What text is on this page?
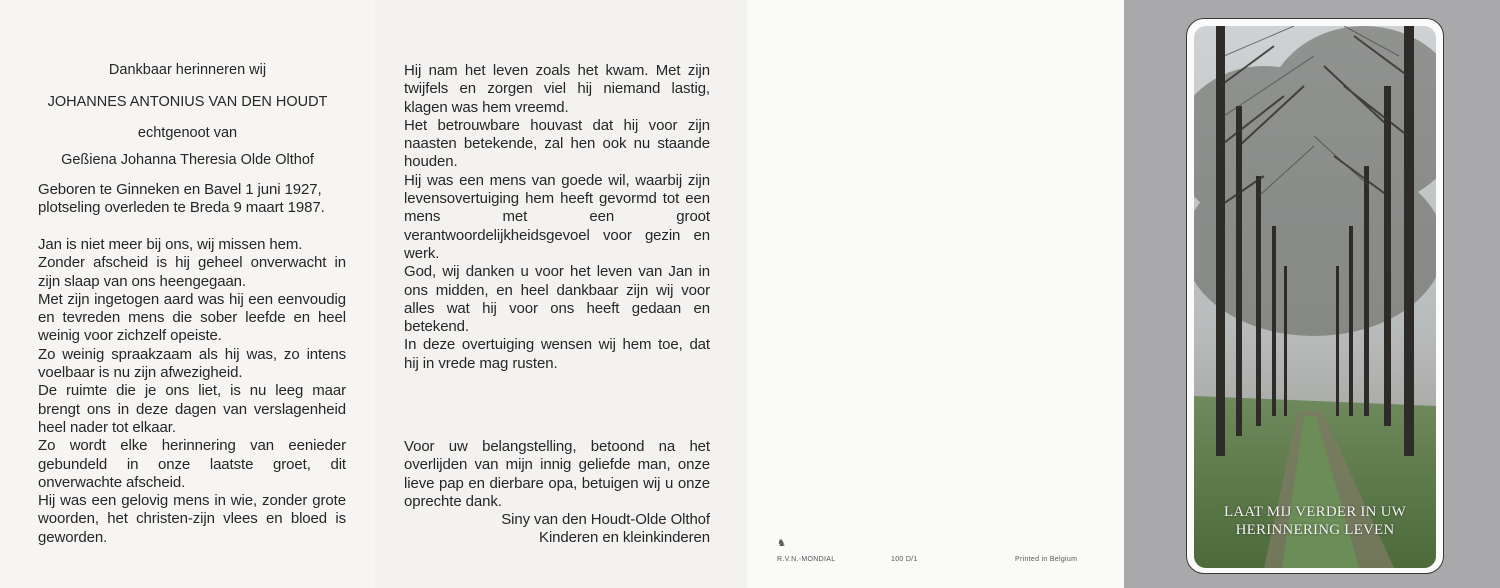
Dankbaar herinneren wij
JOHANNES ANTONIUS VAN DEN HOUDT
echtgenoot van
Geßiena Johanna Theresia Olde Olthof

Geboren te Ginneken en Bavel 1 juni 1927,

plotseling overleden te Breda 9 maart 1987.

Jan is niet meer bij ons, wij missen hem.

Zonder afscheid is hij geheel onverwacht in zijn slaap van ons heengegaan.

Met zijn ingetogen aard was hij een eenvoudig en tevreden mens die sober leefde en heel weinig voor zichzelf opeiste.

Zo weinig spraakzaam als hij was, zo intens voelbaar is nu zijn afwezigheid.

De ruimte die je ons liet, is nu leeg maar brengt ons in deze dagen van verslagenheid heel nader tot elkaar.

Zo wordt elke herinnering van eenieder gebundeld in onze laatste groet, dit onverwachte afscheid.

Hij was een gelovig mens in wie, zonder grote woorden, het christen-zijn vlees en bloed is geworden.

Hij nam het leven zoals het kwam. Met zijn twijfels en zorgen viel hij niemand lastig, klagen was hem vreemd.

Het betrouwbare houvast dat hij voor zijn naasten betekende, zal hen ook nu staande houden.

Hij was een mens van goede wil, waarbij zijn levensovertuiging hem heeft gevormd tot een mens met een groot verantwoordelijkheidsgevoel voor gezin en werk.

God, wij danken u voor het leven van Jan in ons midden, en heel dankbaar zijn wij voor alles wat hij voor ons heeft gedaan en betekend.

In deze overtuiging wensen wij hem toe, dat hij in vrede mag rusten.

Voor uw belangstelling, betoond na het overlijden van mijn innig geliefde man, onze lieve pap en dierbare opa, betuigen wij u onze oprechte dank.

Siny van den Houdt-Olde Olthof

Kinderen en kleinkinderen	♞
R.V.N.-MONDIAL	100 D/1	Printed in Belgium
LAAT MIJ VERDER IN UW
HERINNERING LEVEN
